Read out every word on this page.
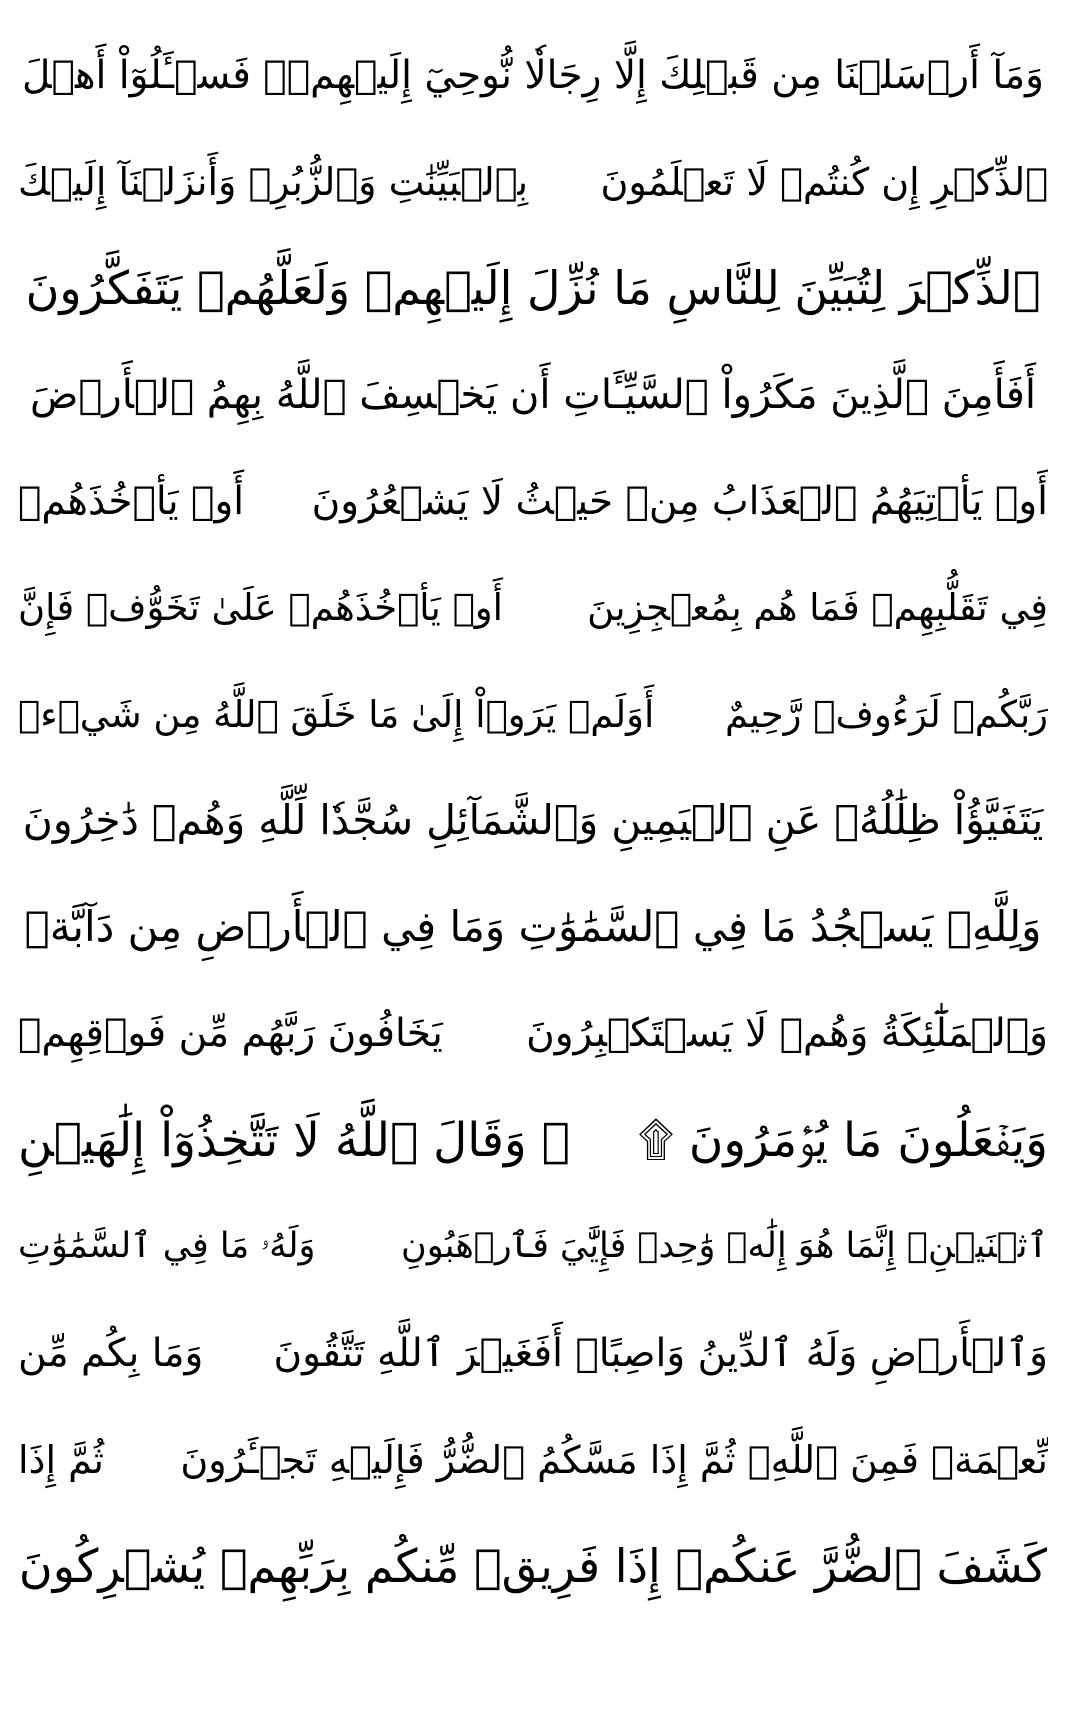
وَمَآ أَرۡسَلۡنَا مِن قَبۡلِكَ إِلَّا رِجَالٗا نُّوحِيٓ إِلَيۡهِمۡۖ فَسۡـَٔلُوٓاْ أَهۡلَ
ٱلذِّكۡرِ إِن كُنتُمۡ لَا تَعۡلَمُونَ
بِٱلۡبَيِّنَٰتِ وَٱلزُّبُرِۗ وَأَنزَلۡنَآ إِلَيۡكَ
ٱلذِّكۡرَ لِتُبَيِّنَ لِلنَّاسِ مَا نُزِّلَ إِلَيۡهِمۡ وَلَعَلَّهُمۡ يَتَفَكَّرُونَ
أَفَأَمِنَ ٱلَّذِينَ مَكَرُواْ ٱلسَّيِّـَٔاتِ أَن يَخۡسِفَ ٱللَّهُ بِهِمُ ٱلۡأَرۡضَ
أَوۡ يَأۡتِيَهُمُ ٱلۡعَذَابُ مِنۡ حَيۡثُ لَا يَشۡعُرُونَ
أَوۡ يَأۡخُذَهُمۡ
فِي تَقَلُّبِهِمۡ فَمَا هُم بِمُعۡجِزِينَ
أَوۡ يَأۡخُذَهُمۡ عَلَىٰ تَخَوُّفٖ فَإِنَّ
رَبَّكُمۡ لَرَءُوفٞ رَّحِيمٌ
أَوَلَمۡ يَرَوۡاْ إِلَىٰ مَا خَلَقَ ٱللَّهُ مِن شَيۡءٖ
يَتَفَيَّؤُاْ ظِلَٰلُهُۥ عَنِ ٱلۡيَمِينِ وَٱلشَّمَآئِلِ سُجَّدٗا لِّلَّهِ وَهُمۡ دَٰخِرُونَ
وَلِلَّهِۤ يَسۡجُدُ مَا فِي ٱلسَّمَٰوَٰتِ وَمَا فِي ٱلۡأَرۡضِ مِن دَآبَّةٖ
وَٱلۡمَلَٰٓئِكَةُ وَهُمۡ لَا يَسۡتَكۡبِرُونَ
يَخَافُونَ رَبَّهُم مِّن فَوۡقِهِمۡ
وَيَفۡعَلُونَ مَا يُؤۡمَرُونَ ۩
۞ وَقَالَ ٱللَّهُ لَا تَتَّخِذُوٓاْ إِلَٰهَيۡنِ
ٱثۡنَيۡنِۖ إِنَّمَا هُوَ إِلَٰهٞ وَٰحِدٞ فَإِيَّٰيَ فَٱرۡهَبُونِ
وَلَهُۥ مَا فِي ٱلسَّمَٰوَٰتِ
وَٱلۡأَرۡضِ وَلَهُ ٱلدِّينُ وَاصِبًاۚ أَفَغَيۡرَ ٱللَّهِ تَتَّقُونَ
وَمَا بِكُم مِّن
نِّعۡمَةٖ فَمِنَ ٱللَّهِۖ ثُمَّ إِذَا مَسَّكُمُ ٱلضُّرُّ فَإِلَيۡهِ تَجۡـَٔرُونَ
ثُمَّ إِذَا
كَشَفَ ٱلضُّرَّ عَنكُمۡ إِذَا فَرِيقٞ مِّنكُم بِرَبِّهِمۡ يُشۡرِكُونَ
